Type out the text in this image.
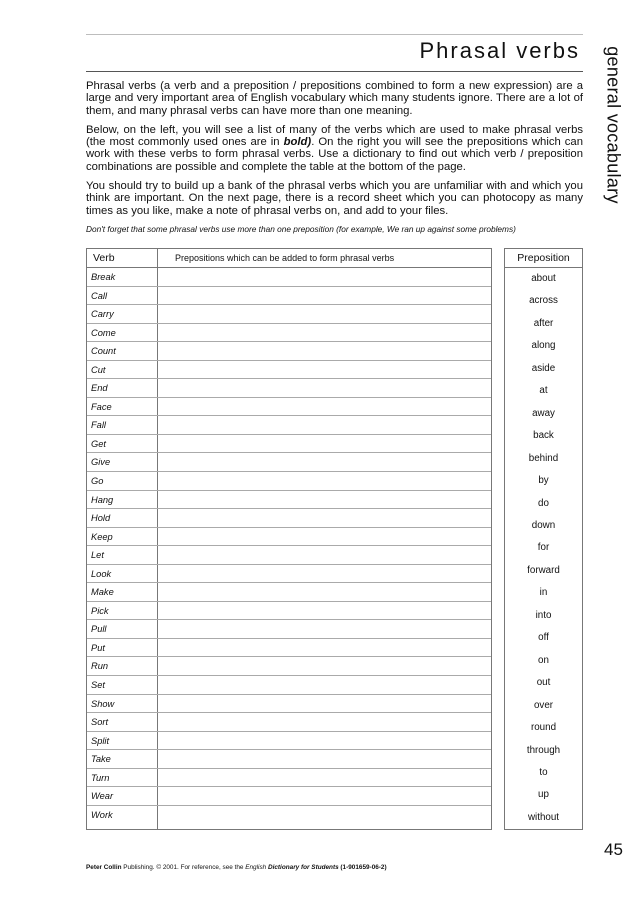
Phrasal verbs general vocabulary

Phrasal verbs (a verb and a preposition / prepositions combined to form a new expression) are a large and very important area of English vocabulary which many students ignore. There are a lot of them, and many phrasal verbs can have more than one meaning.

Below, on the left, you will see a list of many of the verbs which are used to make phrasal verbs (the most commonly used ones are in bold). On the right you will see the prepositions which can work with these verbs to form phrasal verbs. Use a dictionary to find out which verb / preposition combinations are possible and complete the table at the bottom of the page.

You should try to build up a bank of the phrasal verbs which you are unfamiliar with and which you think are important. On the next page, there is a record sheet which you can photocopy as many times as you like, make a note of phrasal verbs on, and add to your files.

Don't forget that some phrasal verbs use more than one preposition (for example, We ran up against some problems)
Verb	Prepositions which can be added to form phrasal verbs
Break
Call
Carry
Come
Count
Cut
End
Face
Fall
Get
Give
Go
Hang
Hold
Keep
Let
Look
Make
Pick
Pull
Put
Run
Set
Show
Sort
Split
Take
Turn
Wear
Work
Preposition
about
across
after
along
aside
at
away
back
behind
by
do
down
for
forward
in
into
off
on
out
over
round
through
to
up
without
45
Peter Collin Publishing. © 2001. For reference, see the English Dictionary for Students (1-901659-06-2)
